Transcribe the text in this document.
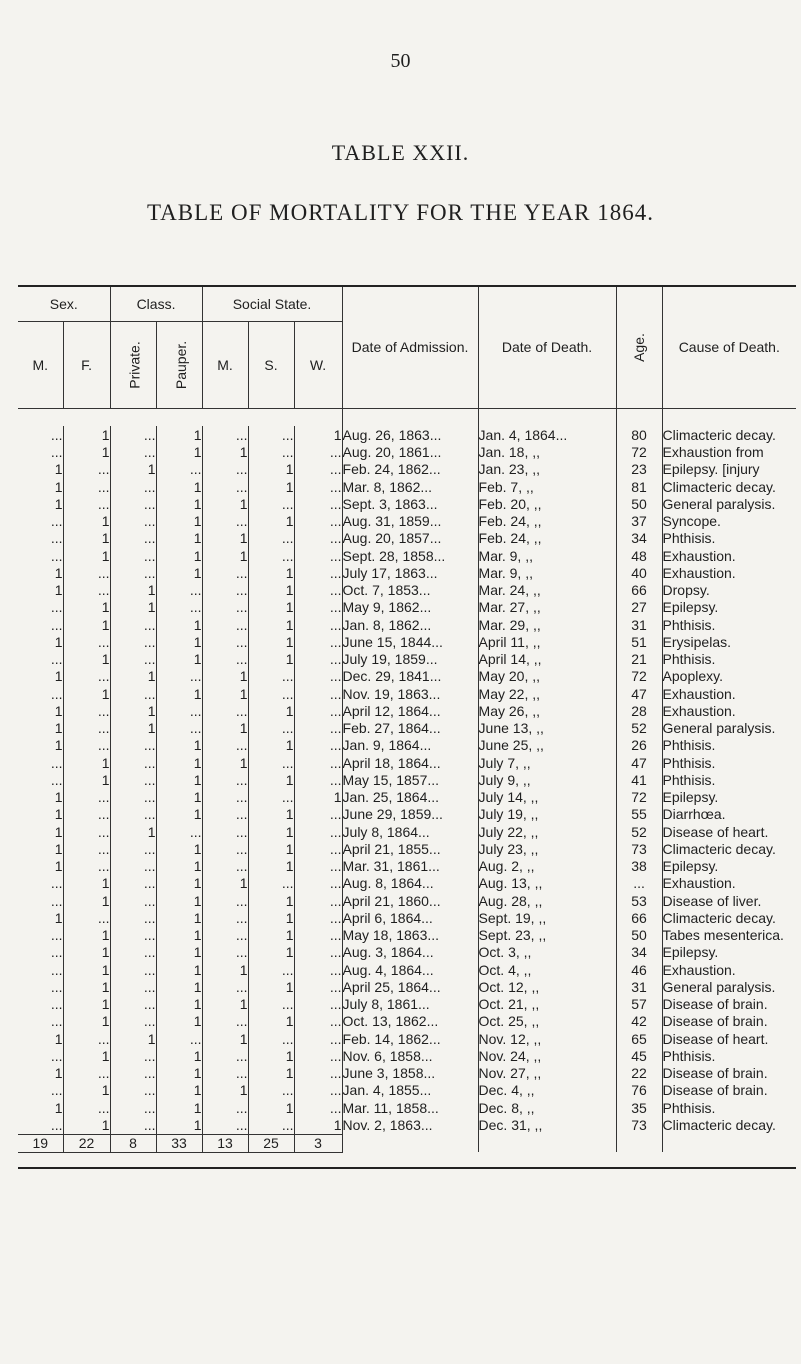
50
TABLE XXII.
TABLE OF MORTALITY FOR THE YEAR 1864.
Sex.		Class.		Social State.			Date of Admission.	Date of Death.	Age.	Cause of Death.
M.	F.	Private.	Pauper.	M.	S.	W.				

...	1	...	1	...	...	1	Aug. 26, 1863...	Jan. 4, 1864...	80	Climacteric decay.
...	1	...	1	1	...	...	Aug. 20, 1861...	Jan. 18, ,,	72	Exhaustion from
1	...	1	...	...	1	...	Feb. 24, 1862...	Jan. 23, ,,	23	Epilepsy. [injury
1	...	...	1	...	1	...	Mar. 8, 1862...	Feb. 7, ,,	81	Climacteric decay.
1	...	...	1	1	...	...	Sept. 3, 1863...	Feb. 20, ,,	50	General paralysis.
...	1	...	1	...	1	...	Aug. 31, 1859...	Feb. 24, ,,	37	Syncope.
...	1	...	1	1	...	...	Aug. 20, 1857...	Feb. 24, ,,	34	Phthisis.
...	1	...	1	1	...	...	Sept. 28, 1858...	Mar. 9, ,,	48	Exhaustion.
1	...	...	1	...	1	...	July 17, 1863...	Mar. 9, ,,	40	Exhaustion.
1	...	1	...	...	1	...	Oct. 7, 1853...	Mar. 24, ,,	66	Dropsy.
...	1	1	...	...	1	...	May 9, 1862...	Mar. 27, ,,	27	Epilepsy.
...	1	...	1	...	1	...	Jan. 8, 1862...	Mar. 29, ,,	31	Phthisis.
1	...	...	1	...	1	...	June 15, 1844...	April 11, ,,	51	Erysipelas.
...	1	...	1	...	1	...	July 19, 1859...	April 14, ,,	21	Phthisis.
1	...	1	...	1	...	...	Dec. 29, 1841...	May 20, ,,	72	Apoplexy.
...	1	...	1	1	...	...	Nov. 19, 1863...	May 22, ,,	47	Exhaustion.
1	...	1	...	...	1	...	April 12, 1864...	May 26, ,,	28	Exhaustion.
1	...	1	...	1	...	...	Feb. 27, 1864...	June 13, ,,	52	General paralysis.
1	...	...	1	...	1	...	Jan. 9, 1864...	June 25, ,,	26	Phthisis.
...	1	...	1	1	...	...	April 18, 1864...	July 7, ,,	47	Phthisis.
...	1	...	1	...	1	...	May 15, 1857...	July 9, ,,	41	Phthisis.
1	...	...	1	...	...	1	Jan. 25, 1864...	July 14, ,,	72	Epilepsy.
1	...	...	1	...	1	...	June 29, 1859...	July 19, ,,	55	Diarrhœa.
1	...	1	...	...	1	...	July 8, 1864...	July 22, ,,	52	Disease of heart.
1	...	...	1	...	1	...	April 21, 1855...	July 23, ,,	73	Climacteric decay.
1	...	...	1	...	1	...	Mar. 31, 1861...	Aug. 2, ,,	38	Epilepsy.
...	1	...	1	1	...	...	Aug. 8, 1864...	Aug. 13, ,,	...	Exhaustion.
...	1	...	1	...	1	...	April 21, 1860...	Aug. 28, ,,	53	Disease of liver.
1	...	...	1	...	1	...	April 6, 1864...	Sept. 19, ,,	66	Climacteric decay.
...	1	...	1	...	1	...	May 18, 1863...	Sept. 23, ,,	50	Tabes mesenterica.
...	1	...	1	...	1	...	Aug. 3, 1864...	Oct. 3, ,,	34	Epilepsy.
...	1	...	1	1	...	...	Aug. 4, 1864...	Oct. 4, ,,	46	Exhaustion.
...	1	...	1	...	1	...	April 25, 1864...	Oct. 12, ,,	31	General paralysis.
...	1	...	1	1	...	...	July 8, 1861...	Oct. 21, ,,	57	Disease of brain.
...	1	...	1	...	1	...	Oct. 13, 1862...	Oct. 25, ,,	42	Disease of brain.
1	...	1	...	1	...	...	Feb. 14, 1862...	Nov. 12, ,,	65	Disease of heart.
...	1	...	1	...	1	...	Nov. 6, 1858...	Nov. 24, ,,	45	Phthisis.
1	...	...	1	...	1	...	June 3, 1858...	Nov. 27, ,,	22	Disease of brain.
...	1	...	1	1	...	...	Jan. 4, 1855...	Dec. 4, ,,	76	Disease of brain.
1	...	...	1	...	1	...	Mar. 11, 1858...	Dec. 8, ,,	35	Phthisis.
...	1	...	1	...	...	1	Nov. 2, 1863...	Dec. 31, ,,	73	Climacteric decay.
19	22	8	33	13	25	3				
